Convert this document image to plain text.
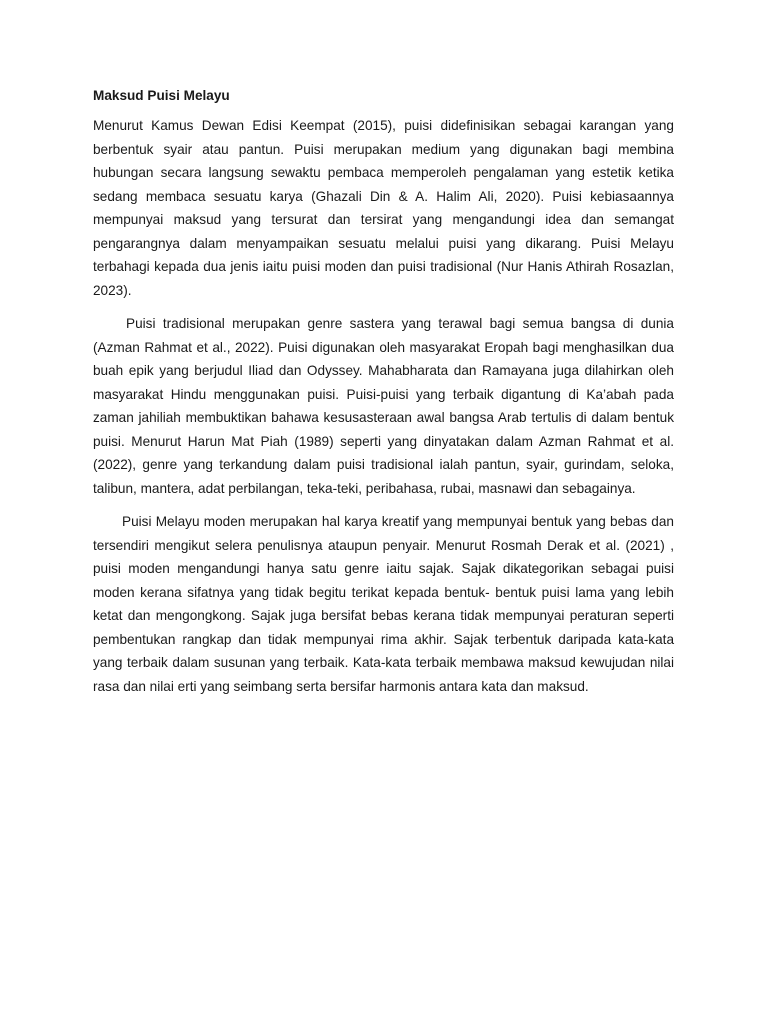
Maksud Puisi Melayu

Menurut Kamus Dewan Edisi Keempat (2015), puisi didefinisikan sebagai karangan yang berbentuk syair atau pantun. Puisi merupakan medium yang digunakan bagi membina hubungan secara langsung sewaktu pembaca memperoleh pengalaman yang estetik ketika sedang membaca sesuatu karya (Ghazali Din & A. Halim Ali, 2020). Puisi kebiasaannya mempunyai maksud yang tersurat dan tersirat yang mengandungi idea dan semangat pengarangnya dalam menyampaikan sesuatu melalui puisi yang dikarang. Puisi Melayu terbahagi kepada dua jenis iaitu puisi moden dan puisi tradisional (Nur Hanis Athirah Rosazlan, 2023).

Puisi tradisional merupakan genre sastera yang terawal bagi semua bangsa di dunia (Azman Rahmat et al., 2022). Puisi digunakan oleh masyarakat Eropah bagi menghasilkan dua buah epik yang berjudul Iliad dan Odyssey. Mahabharata dan Ramayana juga dilahirkan oleh masyarakat Hindu menggunakan puisi. Puisi-puisi yang terbaik digantung di Ka’abah pada zaman jahiliah membuktikan bahawa kesusasteraan awal bangsa Arab tertulis di dalam bentuk puisi. Menurut Harun Mat Piah (1989) seperti yang dinyatakan dalam Azman Rahmat et al. (2022), genre yang terkandung dalam puisi tradisional ialah pantun, syair, gurindam, seloka, talibun, mantera, adat perbilangan, teka-teki, peribahasa, rubai, masnawi dan sebagainya.

Puisi Melayu moden merupakan hal karya kreatif yang mempunyai bentuk yang bebas dan tersendiri mengikut selera penulisnya ataupun penyair. Menurut Rosmah Derak et al. (2021) , puisi moden mengandungi hanya satu genre iaitu sajak. Sajak dikategorikan sebagai puisi moden kerana sifatnya yang tidak begitu terikat kepada bentuk- bentuk puisi lama yang lebih ketat dan mengongkong. Sajak juga bersifat bebas kerana tidak mempunyai peraturan seperti pembentukan rangkap dan tidak mempunyai rima akhir. Sajak terbentuk daripada kata-kata yang terbaik dalam susunan yang terbaik. Kata-kata terbaik membawa maksud kewujudan nilai rasa dan nilai erti yang seimbang serta bersifar harmonis antara kata dan maksud.
